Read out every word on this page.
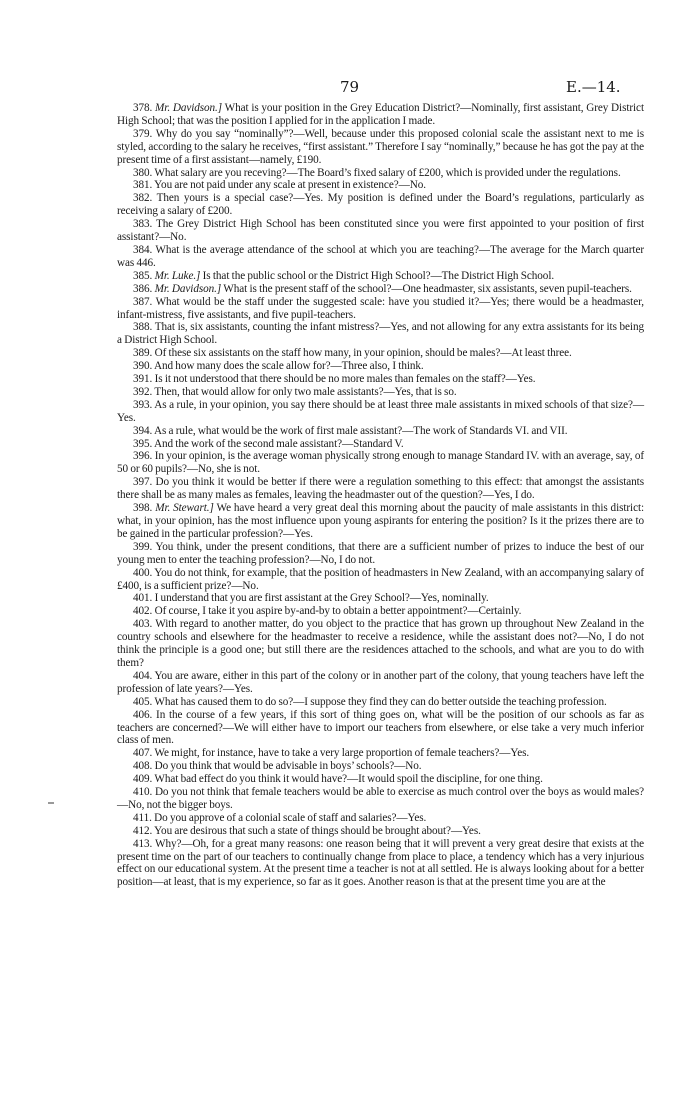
79	E.—14.

378. Mr. Davidson.] What is your position in the Grey Education District?—Nominally, first assistant, Grey District High School; that was the position I applied for in the application I made.

379. Why do you say “nominally”?—Well, because under this proposed colonial scale the assistant next to me is styled, according to the salary he receives, “first assistant.” Therefore I say “nominally,” because he has got the pay at the present time of a first assistant—namely, £190.

380. What salary are you receving?—The Board’s fixed salary of £200, which is provided under the regulations.

381. You are not paid under any scale at present in existence?—No.

382. Then yours is a special case?—Yes. My position is defined under the Board’s regulations, particularly as receiving a salary of £200.

383. The Grey District High School has been constituted since you were first appointed to your position of first assistant?—No.

384. What is the average attendance of the school at which you are teaching?—The average for the March quarter was 446.

385. Mr. Luke.] Is that the public school or the District High School?—The District High School.

386. Mr. Davidson.] What is the present staff of the school?—One headmaster, six assistants, seven pupil-teachers.

387. What would be the staff under the suggested scale: have you studied it?—Yes; there would be a headmaster, infant-mistress, five assistants, and five pupil-teachers.

388. That is, six assistants, counting the infant mistress?—Yes, and not allowing for any extra assistants for its being a District High School.

389. Of these six assistants on the staff how many, in your opinion, should be males?—At least three.

390. And how many does the scale allow for?—Three also, I think.

391. Is it not understood that there should be no more males than females on the staff?—Yes.

392. Then, that would allow for only two male assistants?—Yes, that is so.

393. As a rule, in your opinion, you say there should be at least three male assistants in mixed schools of that size?—Yes.

394. As a rule, what would be the work of first male assistant?—The work of Standards VI. and VII.

395. And the work of the second male assistant?—Standard V.

396. In your opinion, is the average woman physically strong enough to manage Standard IV. with an average, say, of 50 or 60 pupils?—No, she is not.

397. Do you think it would be better if there were a regulation something to this effect: that amongst the assistants there shall be as many males as females, leaving the headmaster out of the question?—Yes, I do.

398. Mr. Stewart.] We have heard a very great deal this morning about the paucity of male assistants in this district: what, in your opinion, has the most influence upon young aspirants for entering the position? Is it the prizes there are to be gained in the particular profession?—Yes.

399. You think, under the present conditions, that there are a sufficient number of prizes to induce the best of our young men to enter the teaching profession?—No, I do not.

400. You do not think, for example, that the position of headmasters in New Zealand, with an accompanying salary of £400, is a sufficient prize?—No.

401. I understand that you are first assistant at the Grey School?—Yes, nominally.

402. Of course, I take it you aspire by-and-by to obtain a better appointment?—Certainly.

403. With regard to another matter, do you object to the practice that has grown up throughout New Zealand in the country schools and elsewhere for the headmaster to receive a residence, while the assistant does not?—No, I do not think the principle is a good one; but still there are the residences attached to the schools, and what are you to do with them?

404. You are aware, either in this part of the colony or in another part of the colony, that young teachers have left the profession of late years?—Yes.

405. What has caused them to do so?—I suppose they find they can do better outside the teaching profession.

406. In the course of a few years, if this sort of thing goes on, what will be the position of our schools as far as teachers are concerned?—We will either have to import our teachers from elsewhere, or else take a very much inferior class of men.

407. We might, for instance, have to take a very large proportion of female teachers?—Yes.

408. Do you think that would be advisable in boys’ schools?—No.

409. What bad effect do you think it would have?—It would spoil the discipline, for one thing.

410. Do you not think that female teachers would be able to exercise as much control over the boys as would males?—No, not the bigger boys.

411. Do you approve of a colonial scale of staff and salaries?—Yes.

412. You are desirous that such a state of things should be brought about?—Yes.

413. Why?—Oh, for a great many reasons: one reason being that it will prevent a very great desire that exists at the present time on the part of our teachers to continually change from place to place, a tendency which has a very injurious effect on our educational system. At the present time a teacher is not at all settled. He is always looking about for a better position—at least, that is my experience, so far as it goes. Another reason is that at the present time you are at the
